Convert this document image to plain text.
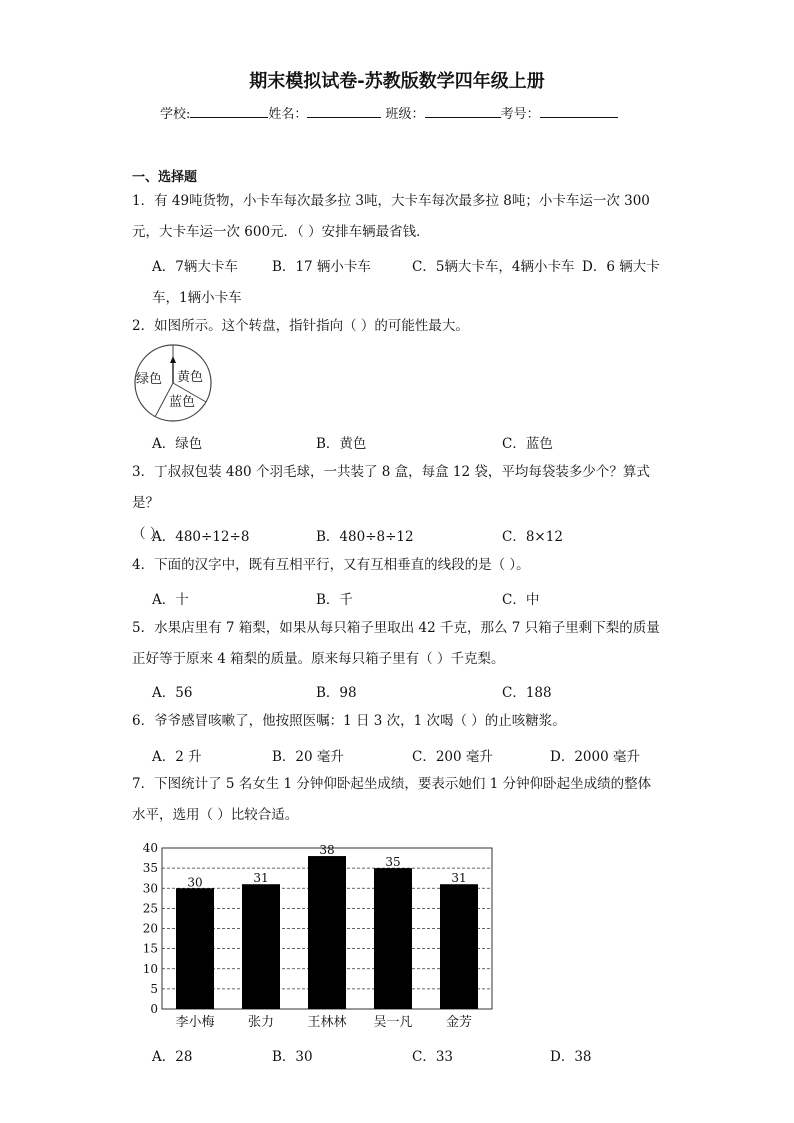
期末模拟试卷-苏教版数学四年级上册
学校:	姓名：	班级：	考号：
一、选择题
1．有 49吨货物，小卡车每次最多拉 3吨，大卡车每次最多拉 8吨；小卡车运一次 300
元，大卡车运一次 600元．（ ）安排车辆最省钱．
A．7辆大卡车	B．17 辆小卡车	C．5辆大卡车，4辆小卡车 D．6 辆大卡
车，1辆小卡车
2．如图所示。这个转盘，指针指向（ ）的可能性最大。
绿色 黄色
蓝色
A．绿色	B．黄色	C．蓝色
3．丁叔叔包装 480 个羽毛球，一共装了 8 盒，每盒 12 袋，平均每袋装多少个？算式是？
（ ）
A．480÷12÷8	B．480÷8÷12	C．8×12
4．下面的汉字中，既有互相平行，又有互相垂直的线段的是（ ）。
A．十	B．千	C．中
5．水果店里有 7 箱梨，如果从每只箱子里取出 42 千克，那么 7 只箱子里剩下梨的质量
正好等于原来 4 箱梨的质量。原来每只箱子里有（ ）千克梨。
A．56	B．98	C．188
6．爷爷感冒咳嗽了，他按照医嘱：1 日 3 次，1 次喝（ ）的止咳糖浆。
A．2 升	B．20 毫升	C．200 毫升	D．2000 毫升
7．下图统计了 5 名女生 1 分钟仰卧起坐成绩，要表示她们 1 分钟仰卧起坐成绩的整体
水平，选用（ ）比较合适。
0
5
10
15
20
25
30
35
40
30
李小梅
31
张力
38
王林林
35
吴一凡
31
金芳
A．28	B．30	C．33	D．38
